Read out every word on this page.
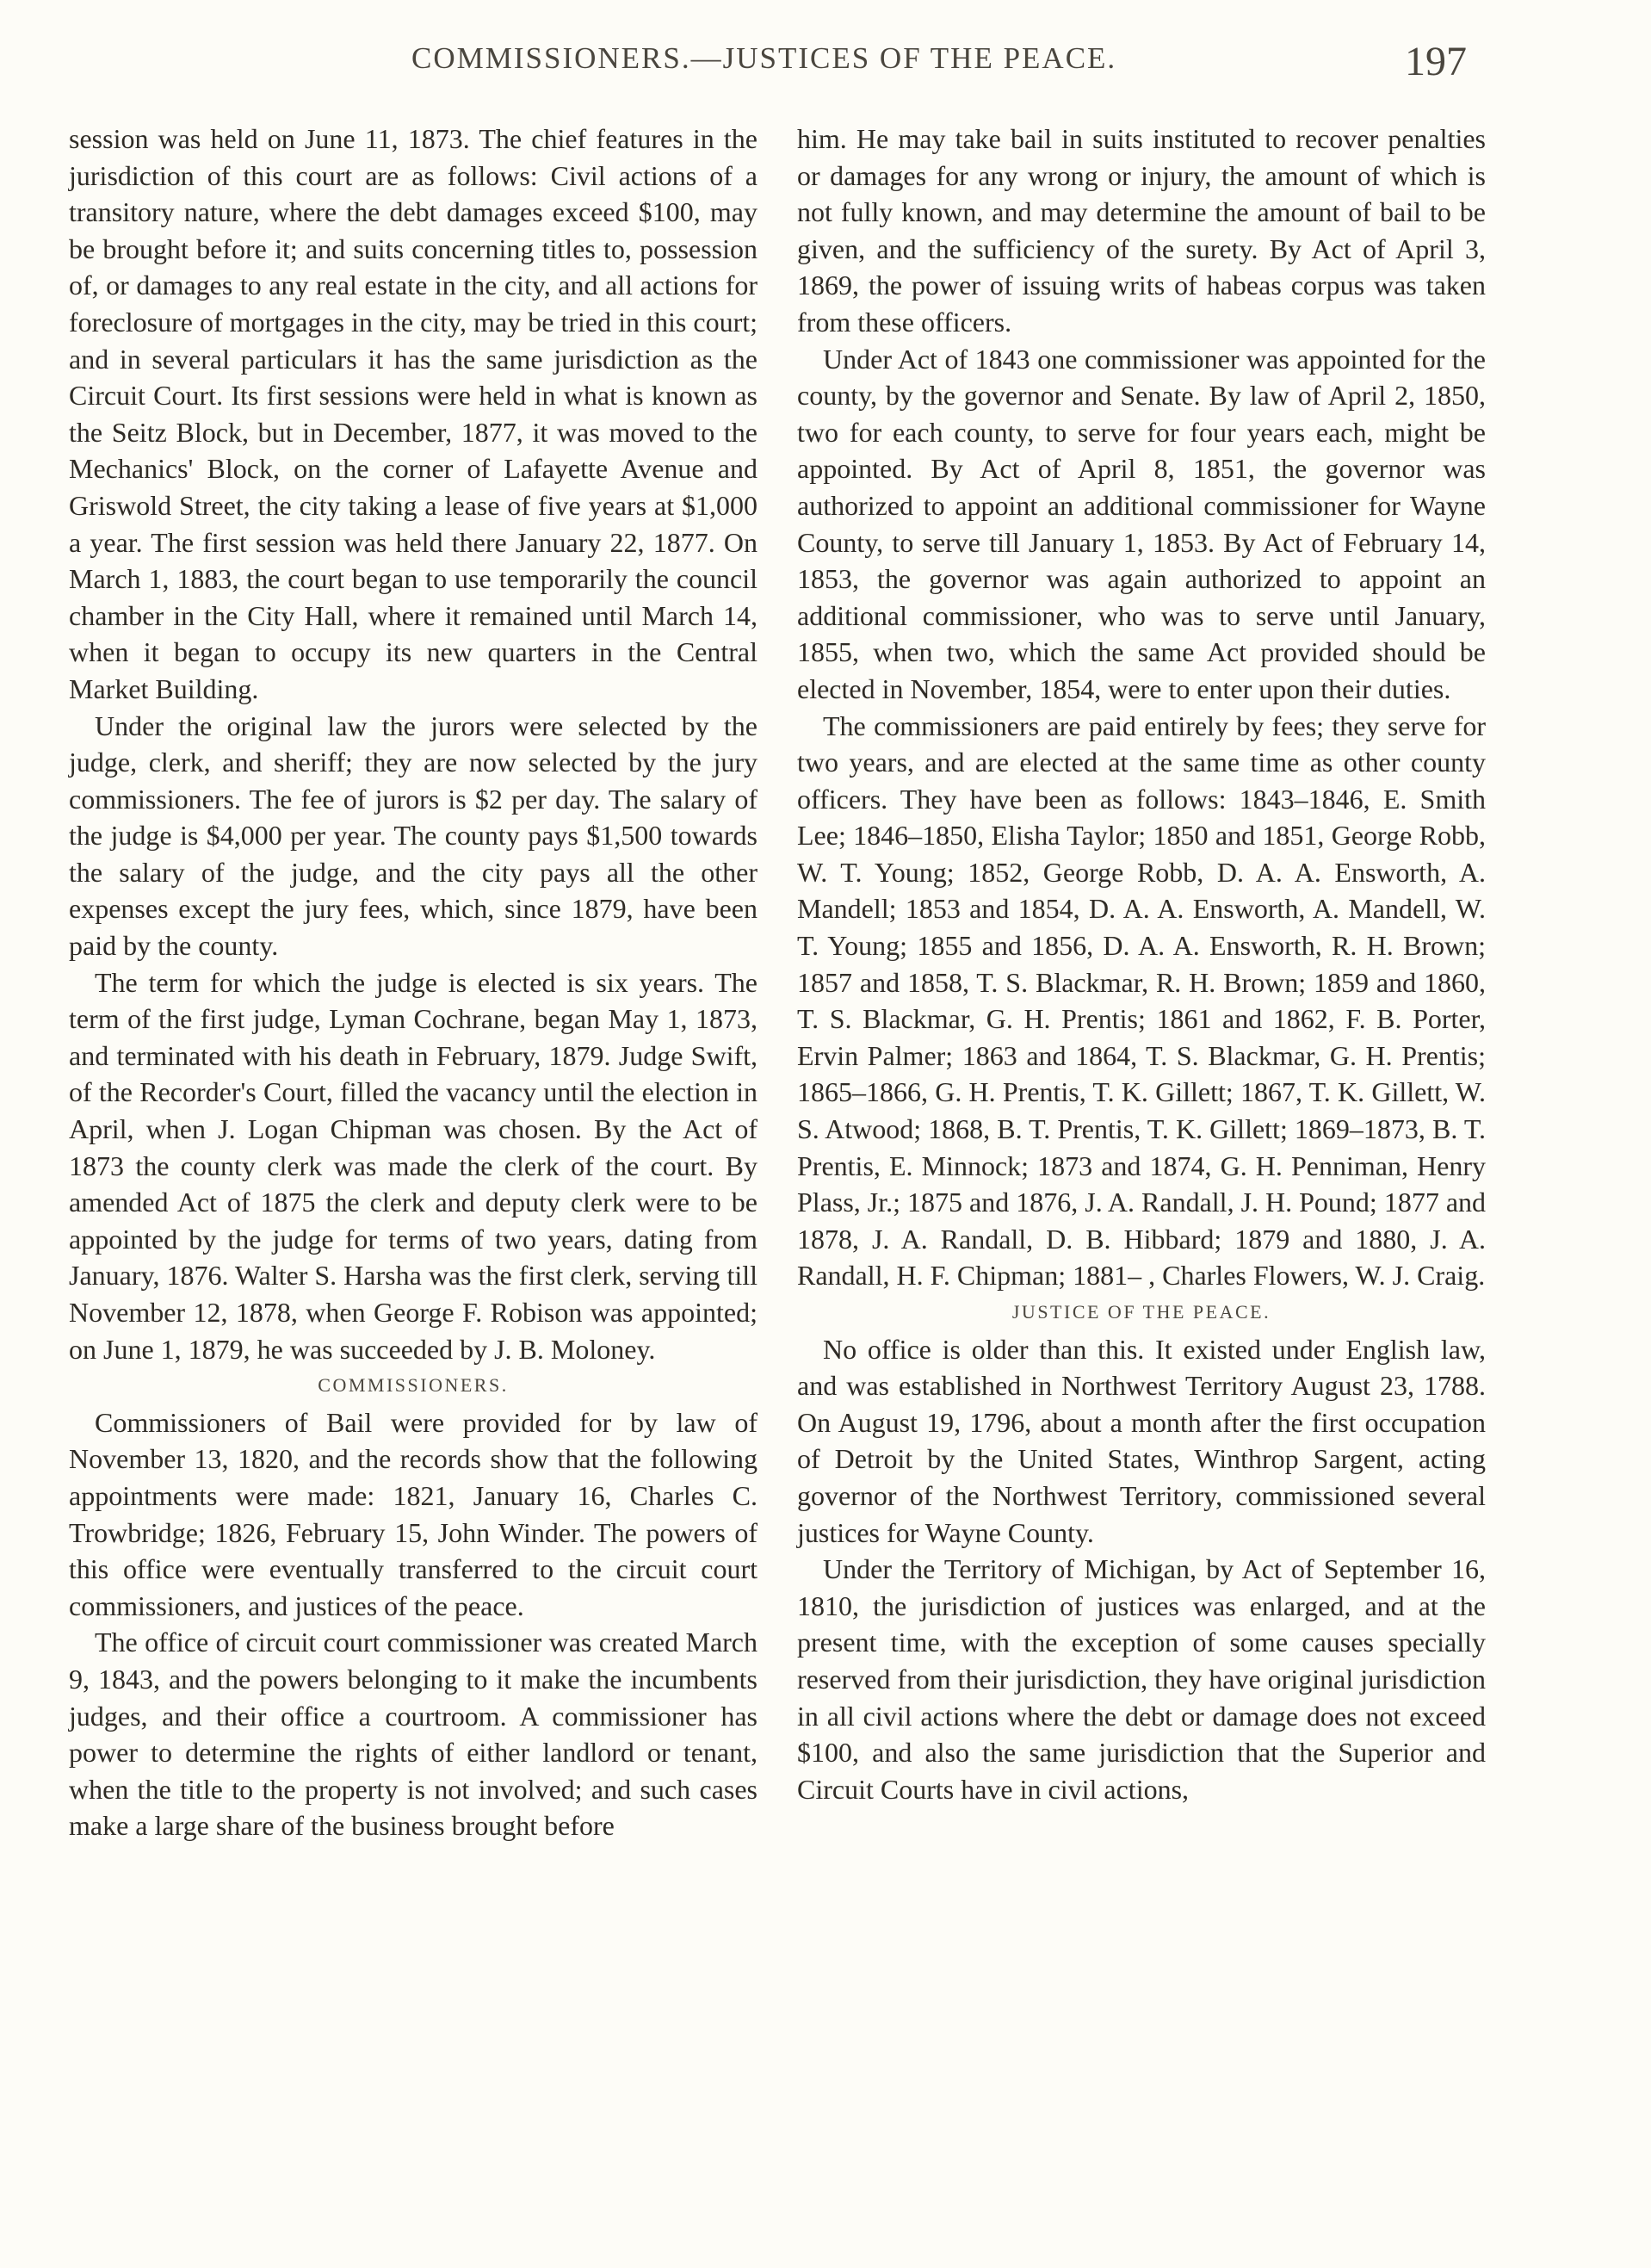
COMMISSIONERS.—JUSTICES OF THE PEACE.	197

session was held on June 11, 1873. The chief features in the jurisdiction of this court are as follows: Civil actions of a transitory nature, where the debt damages exceed $100, may be brought before it; and suits concerning titles to, possession of, or damages to any real estate in the city, and all actions for foreclosure of mortgages in the city, may be tried in this court; and in several particulars it has the same jurisdiction as the Circuit Court. Its first sessions were held in what is known as the Seitz Block, but in December, 1877, it was moved to the Mechanics' Block, on the corner of Lafayette Avenue and Griswold Street, the city taking a lease of five years at $1,000 a year. The first session was held there January 22, 1877. On March 1, 1883, the court began to use temporarily the council chamber in the City Hall, where it remained until March 14, when it began to occupy its new quarters in the Central Market Building.

Under the original law the jurors were selected by the judge, clerk, and sheriff; they are now selected by the jury commissioners. The fee of jurors is $2 per day. The salary of the judge is $4,000 per year. The county pays $1,500 towards the salary of the judge, and the city pays all the other expenses except the jury fees, which, since 1879, have been paid by the county.

The term for which the judge is elected is six years. The term of the first judge, Lyman Cochrane, began May 1, 1873, and terminated with his death in February, 1879. Judge Swift, of the Recorder's Court, filled the vacancy until the election in April, when J. Logan Chipman was chosen. By the Act of 1873 the county clerk was made the clerk of the court. By amended Act of 1875 the clerk and deputy clerk were to be appointed by the judge for terms of two years, dating from January, 1876. Walter S. Harsha was the first clerk, serving till November 12, 1878, when George F. Robison was appointed; on June 1, 1879, he was succeeded by J. B. Moloney.

COMMISSIONERS.

Commissioners of Bail were provided for by law of November 13, 1820, and the records show that the following appointments were made: 1821, January 16, Charles C. Trowbridge; 1826, February 15, John Winder. The powers of this office were eventually transferred to the circuit court commissioners, and justices of the peace.

The office of circuit court commissioner was created March 9, 1843, and the powers belonging to it make the incumbents judges, and their office a courtroom. A commissioner has power to determine the rights of either landlord or tenant, when the title to the property is not involved; and such cases make a large share of the business brought before

him. He may take bail in suits instituted to recover penalties or damages for any wrong or injury, the amount of which is not fully known, and may determine the amount of bail to be given, and the sufficiency of the surety. By Act of April 3, 1869, the power of issuing writs of habeas corpus was taken from these officers.

Under Act of 1843 one commissioner was appointed for the county, by the governor and Senate. By law of April 2, 1850, two for each county, to serve for four years each, might be appointed. By Act of April 8, 1851, the governor was authorized to appoint an additional commissioner for Wayne County, to serve till January 1, 1853. By Act of February 14, 1853, the governor was again authorized to appoint an additional commissioner, who was to serve until January, 1855, when two, which the same Act provided should be elected in November, 1854, were to enter upon their duties.

The commissioners are paid entirely by fees; they serve for two years, and are elected at the same time as other county officers. They have been as follows: 1843–1846, E. Smith Lee; 1846–1850, Elisha Taylor; 1850 and 1851, George Robb, W. T. Young; 1852, George Robb, D. A. A. Ensworth, A. Mandell; 1853 and 1854, D. A. A. Ensworth, A. Mandell, W. T. Young; 1855 and 1856, D. A. A. Ensworth, R. H. Brown; 1857 and 1858, T. S. Blackmar, R. H. Brown; 1859 and 1860, T. S. Blackmar, G. H. Prentis; 1861 and 1862, F. B. Porter, Ervin Palmer; 1863 and 1864, T. S. Blackmar, G. H. Prentis; 1865–1866, G. H. Prentis, T. K. Gillett; 1867, T. K. Gillett, W. S. Atwood; 1868, B. T. Prentis, T. K. Gillett; 1869–1873, B. T. Prentis, E. Minnock; 1873 and 1874, G. H. Penniman, Henry Plass, Jr.; 1875 and 1876, J. A. Randall, J. H. Pound; 1877 and 1878, J. A. Randall, D. B. Hibbard; 1879 and 1880, J. A. Randall, H. F. Chipman; 1881– , Charles Flowers, W. J. Craig.

JUSTICE OF THE PEACE.

No office is older than this. It existed under English law, and was established in Northwest Territory August 23, 1788. On August 19, 1796, about a month after the first occupation of Detroit by the United States, Winthrop Sargent, acting governor of the Northwest Territory, commissioned several justices for Wayne County.

Under the Territory of Michigan, by Act of September 16, 1810, the jurisdiction of justices was enlarged, and at the present time, with the exception of some causes specially reserved from their jurisdiction, they have original jurisdiction in all civil actions where the debt or damage does not exceed $100, and also the same jurisdiction that the Superior and Circuit Courts have in civil actions,
